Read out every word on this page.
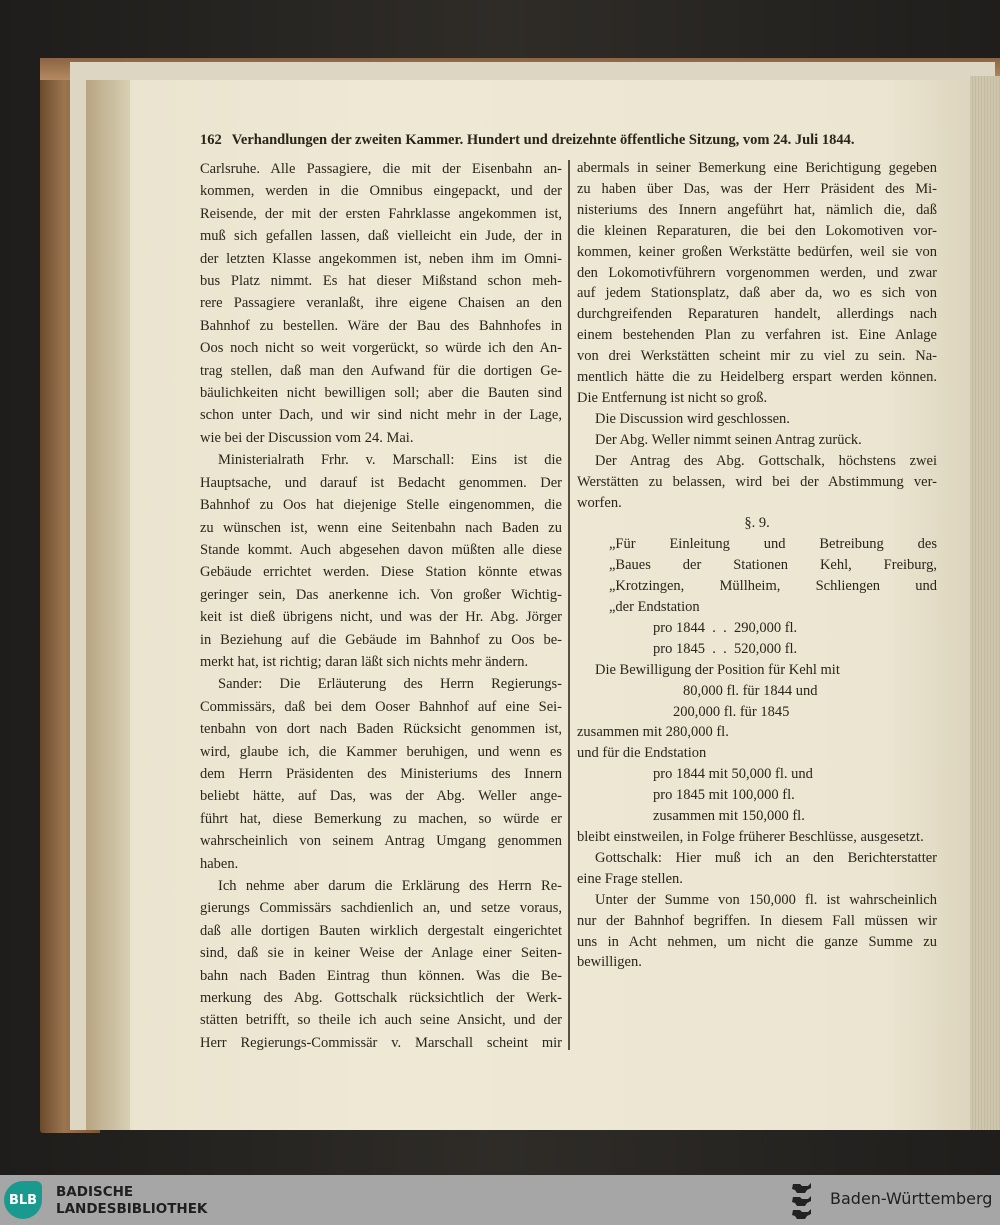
162 Verhandlungen der zweiten Kammer. Hundert und dreizehnte öffentliche Sitzung, vom 24. Juli 1844.
Carlsruhe. Alle Passagiere, die mit der Eisenbahn an-
kommen, werden in die Omnibus eingepackt, und der
Reisende, der mit der ersten Fahrklasse angekommen ist,
muß sich gefallen lassen, daß vielleicht ein Jude, der in
der letzten Klasse angekommen ist, neben ihm im Omni-
bus Platz nimmt. Es hat dieser Mißstand schon meh-
rere Passagiere veranlaßt, ihre eigene Chaisen an den
Bahnhof zu bestellen. Wäre der Bau des Bahnhofes in
Oos noch nicht so weit vorgerückt, so würde ich den An-
trag stellen, daß man den Aufwand für die dortigen Ge-
bäulichkeiten nicht bewilligen soll; aber die Bauten sind
schon unter Dach, und wir sind nicht mehr in der Lage,
wie bei der Discussion vom 24. Mai.
Ministerialrath Frhr. v. Marschall: Eins ist die
Hauptsache, und darauf ist Bedacht genommen. Der
Bahnhof zu Oos hat diejenige Stelle eingenommen, die
zu wünschen ist, wenn eine Seitenbahn nach Baden zu
Stande kommt. Auch abgesehen davon müßten alle diese
Gebäude errichtet werden. Diese Station könnte etwas
geringer sein, Das anerkenne ich. Von großer Wichtig-
keit ist dieß übrigens nicht, und was der Hr. Abg. Jörger
in Beziehung auf die Gebäude im Bahnhof zu Oos be-
merkt hat, ist richtig; daran läßt sich nichts mehr ändern.
Sander: Die Erläuterung des Herrn Regierungs-
Commissärs, daß bei dem Ooser Bahnhof auf eine Sei-
tenbahn von dort nach Baden Rücksicht genommen ist,
wird, glaube ich, die Kammer beruhigen, und wenn es
dem Herrn Präsidenten des Ministeriums des Innern
beliebt hätte, auf Das, was der Abg. Weller ange-
führt hat, diese Bemerkung zu machen, so würde er
wahrscheinlich von seinem Antrag Umgang genommen
haben.
Ich nehme aber darum die Erklärung des Herrn Re-
gierungs Commissärs sachdienlich an, und setze voraus,
daß alle dortigen Bauten wirklich dergestalt eingerichtet
sind, daß sie in keiner Weise der Anlage einer Seiten-
bahn nach Baden Eintrag thun können. Was die Be-
merkung des Abg. Gottschalk rücksichtlich der Werk-
stätten betrifft, so theile ich auch seine Ansicht, und der
Herr Regierungs-Commissär v. Marschall scheint mir
abermals in seiner Bemerkung eine Berichtigung gegeben
zu haben über Das, was der Herr Präsident des Mi-
nisteriums des Innern angeführt hat, nämlich die, daß
die kleinen Reparaturen, die bei den Lokomotiven vor-
kommen, keiner großen Werkstätte bedürfen, weil sie von
den Lokomotivführern vorgenommen werden, und zwar
auf jedem Stationsplatz, daß aber da, wo es sich von
durchgreifenden Reparaturen handelt, allerdings nach
einem bestehenden Plan zu verfahren ist. Eine Anlage
von drei Werkstätten scheint mir zu viel zu sein. Na-
mentlich hätte die zu Heidelberg erspart werden können.
Die Entfernung ist nicht so groß.
Die Discussion wird geschlossen.
Der Abg. Weller nimmt seinen Antrag zurück.
Der Antrag des Abg. Gottschalk, höchstens zwei
Werstätten zu belassen, wird bei der Abstimmung ver-
worfen.
§. 9.
„Für Einleitung und Betreibung des
„Baues der Stationen Kehl, Freiburg,
„Krotzingen, Müllheim, Schliengen und
„der Endstation
pro 1844  .  .  290,000 fl.
pro 1845  .  .  520,000 fl.
Die Bewilligung der Position für Kehl mit
80,000 fl. für 1844 und
200,000 fl. für 1845
zusammen mit 280,000 fl.
und für die Endstation
pro 1844 mit 50,000 fl. und
pro 1845 mit 100,000 fl.
zusammen mit 150,000 fl.
bleibt einstweilen, in Folge früherer Beschlüsse, ausgesetzt.
Gottschalk: Hier muß ich an den Berichterstatter
eine Frage stellen.
Unter der Summe von 150,000 fl. ist wahrscheinlich
nur der Bahnhof begriffen. In diesem Fall müssen wir
uns in Acht nehmen, um nicht die ganze Summe zu
bewilligen.
BLB	BADISCHE
LANDESBIBLIOTHEK
Baden-Württemberg
